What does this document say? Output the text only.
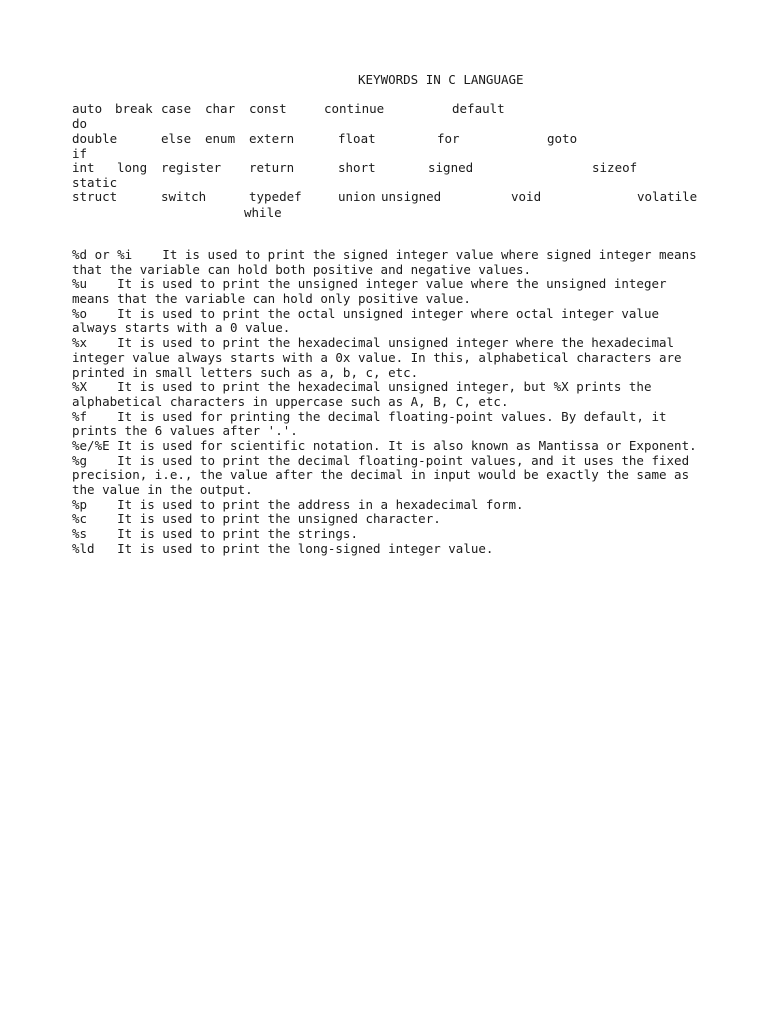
KEYWORDS IN C LANGUAGE
auto break case char const	continue	default
do
double	else enum extern	float	for	goto
if
int long register return	short	signed	sizeof
static
struct	switch	typedef	union unsigned	void	volatile
while
%d or %i    It is used to print the signed integer value where signed integer means
that the variable can hold both positive and negative values.
%u    It is used to print the unsigned integer value where the unsigned integer
means that the variable can hold only positive value.
%o    It is used to print the octal unsigned integer where octal integer value
always starts with a 0 value.
%x    It is used to print the hexadecimal unsigned integer where the hexadecimal
integer value always starts with a 0x value. In this, alphabetical characters are
printed in small letters such as a, b, c, etc.
%X    It is used to print the hexadecimal unsigned integer, but %X prints the
alphabetical characters in uppercase such as A, B, C, etc.
%f    It is used for printing the decimal floating-point values. By default, it
prints the 6 values after '.'.
%e/%E It is used for scientific notation. It is also known as Mantissa or Exponent.
%g    It is used to print the decimal floating-point values, and it uses the fixed
precision, i.e., the value after the decimal in input would be exactly the same as
the value in the output.
%p    It is used to print the address in a hexadecimal form.
%c    It is used to print the unsigned character.
%s    It is used to print the strings.
%ld   It is used to print the long-signed integer value.
